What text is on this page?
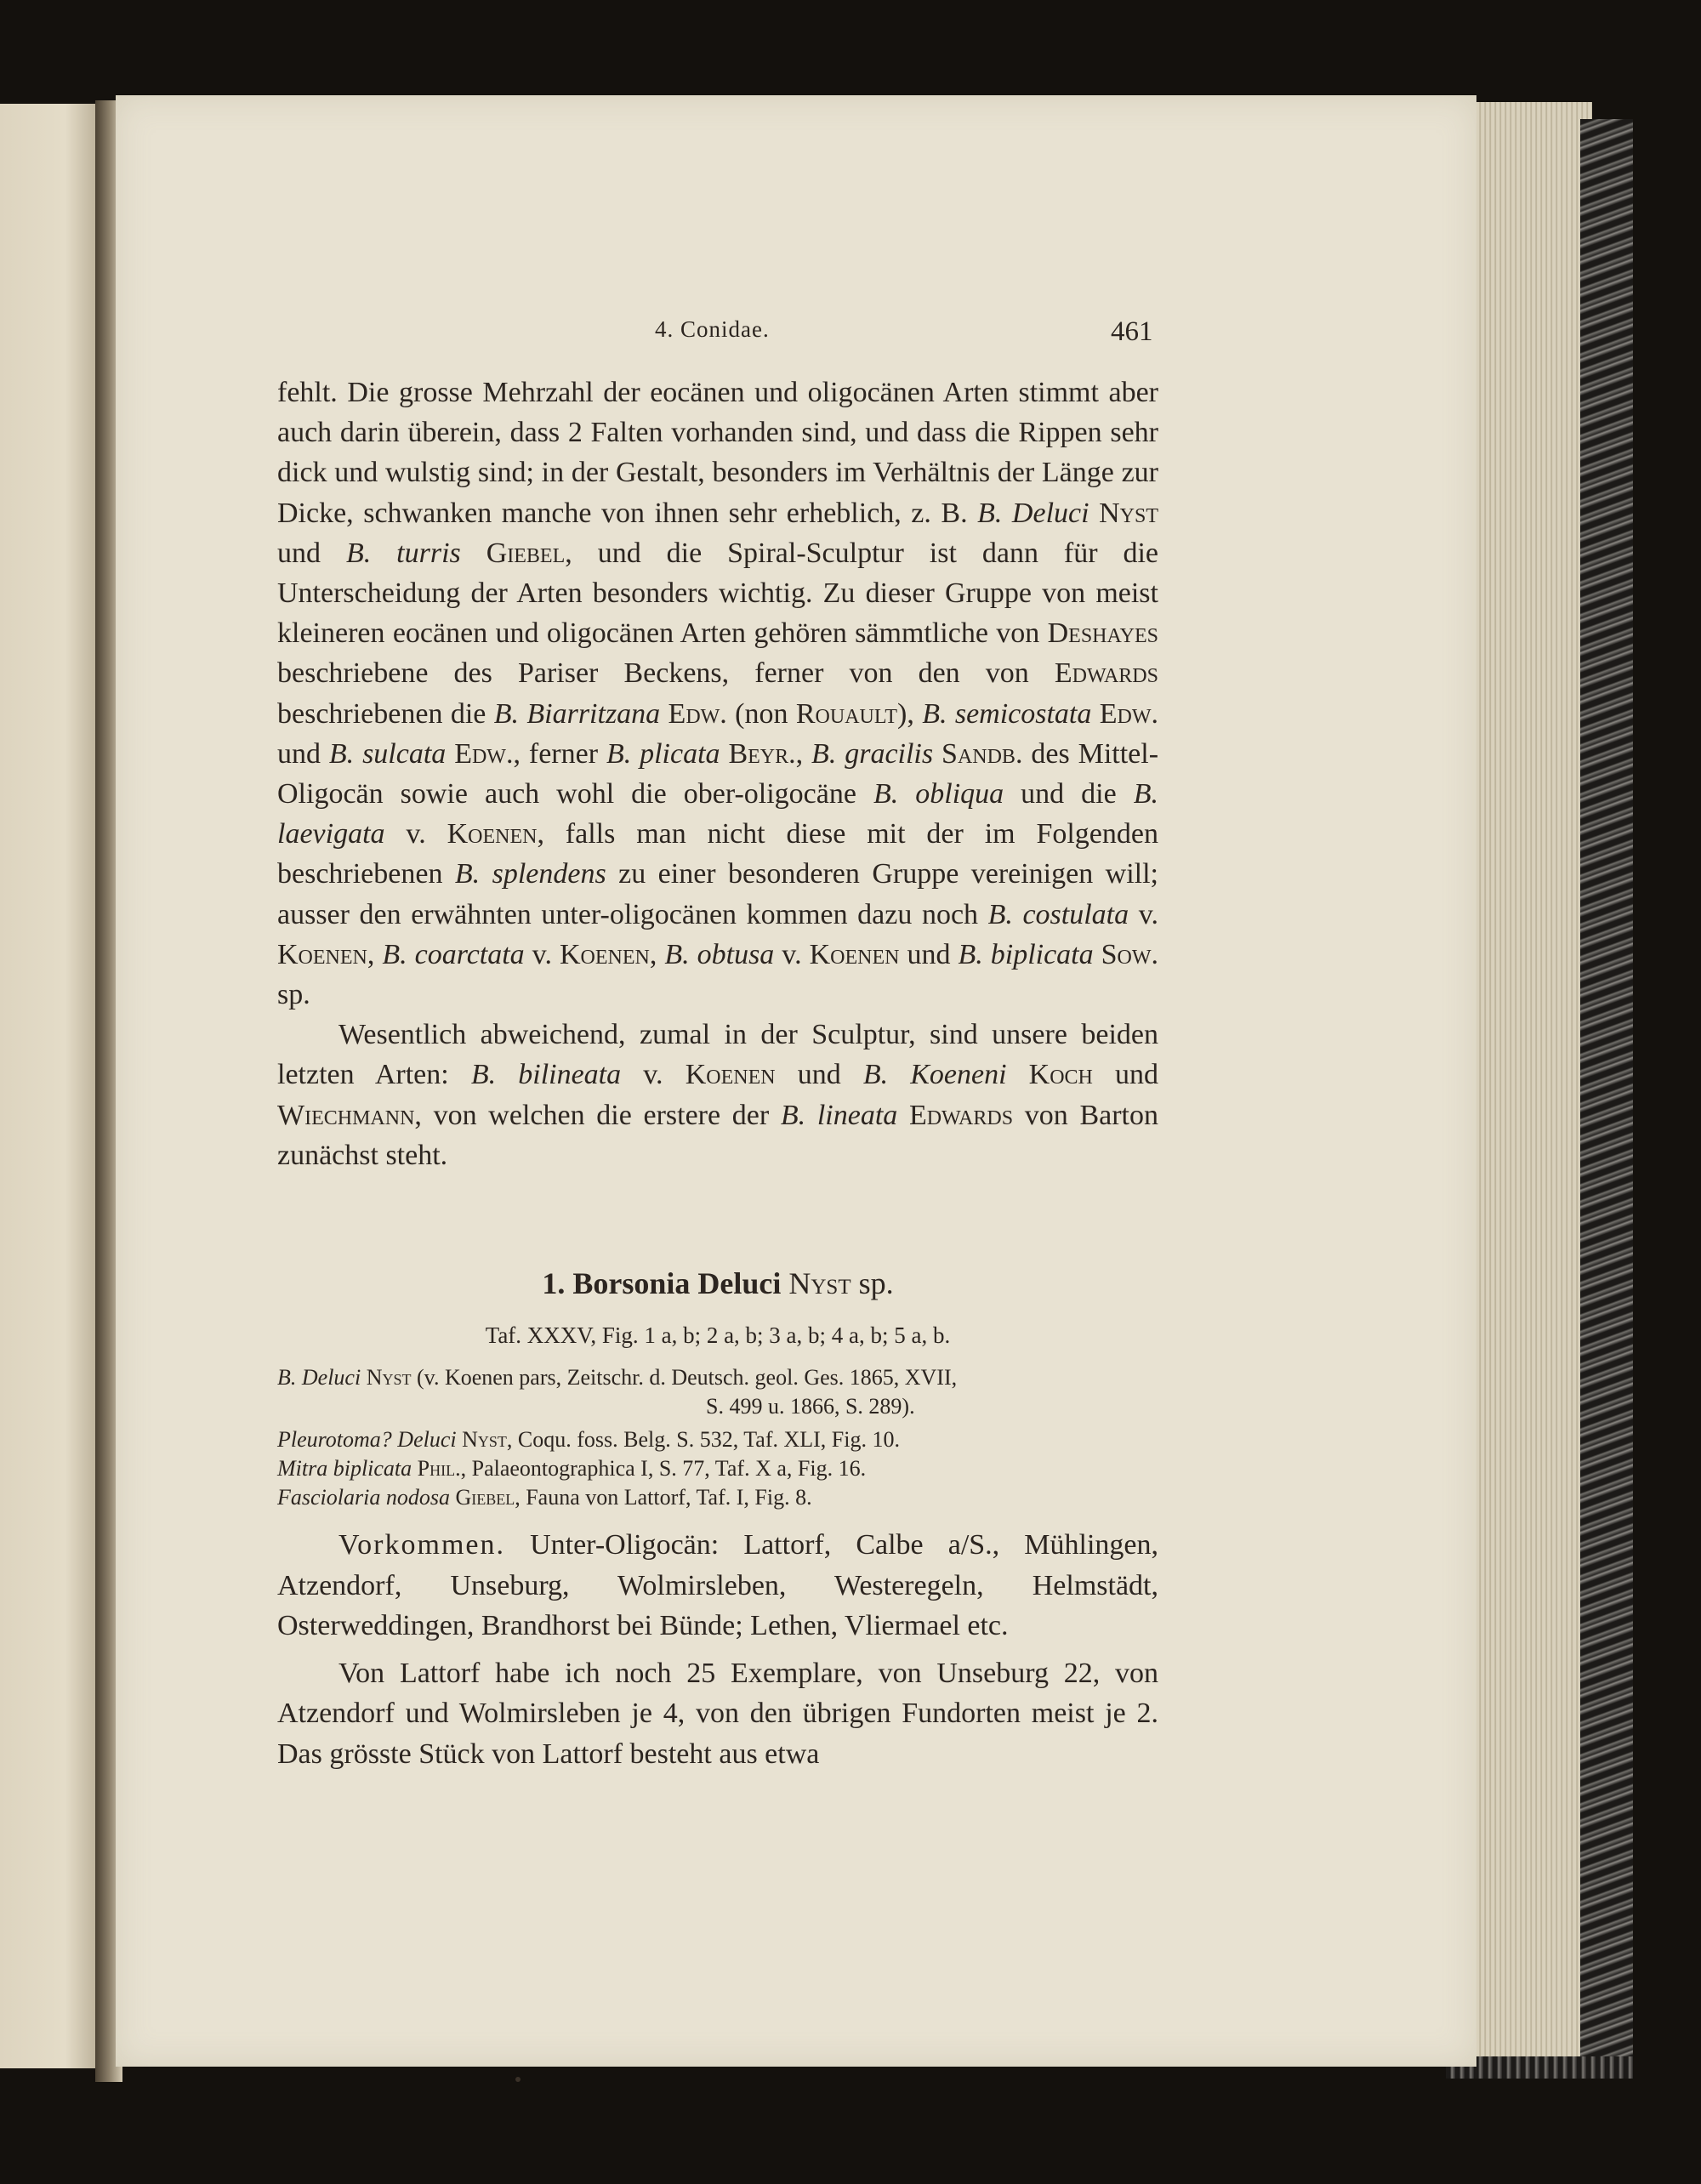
4. Conidae.	461

fehlt. Die grosse Mehrzahl der eocänen und oligocänen Arten stimmt aber auch darin überein, dass 2 Falten vorhanden sind, und dass die Rippen sehr dick und wulstig sind; in der Gestalt, besonders im Verhältnis der Länge zur Dicke, schwanken manche von ihnen sehr erheblich, z. B. B. Deluci Nyst und B. turris Giebel, und die Spiral-Sculptur ist dann für die Unterscheidung der Arten besonders wichtig. Zu dieser Gruppe von meist kleineren eocänen und oligocänen Arten gehören sämmtliche von Deshayes beschriebene des Pariser Beckens, ferner von den von Edwards beschriebenen die B. Biarritzana Edw. (non Rouault), B. semicostata Edw. und B. sulcata Edw., ferner B. plicata Beyr., B. gracilis Sandb. des Mittel-Oligocän sowie auch wohl die ober-oligocäne B. obliqua und die B. laevigata v. Koenen, falls man nicht diese mit der im Folgenden beschriebenen B. splendens zu einer besonderen Gruppe vereinigen will; ausser den erwähnten unter-oligocänen kommen dazu noch B. costulata v. Koenen, B. coarctata v. Koenen, B. obtusa v. Koenen und B. biplicata Sow. sp.

Wesentlich abweichend, zumal in der Sculptur, sind unsere beiden letzten Arten: B. bilineata v. Koenen und B. Koeneni Koch und Wiechmann, von welchen die erstere der B. lineata Edwards von Barton zunächst steht.

1. Borsonia Deluci Nyst sp.
Taf. XXXV, Fig. 1 a, b; 2 a, b; 3 a, b; 4 a, b; 5 a, b.
B. Deluci Nyst (v. Koenen pars, Zeitschr. d. Deutsch. geol. Ges. 1865, XVII,
S. 499 u. 1866, S. 289).
Pleurotoma? Deluci Nyst, Coqu. foss. Belg. S. 532, Taf. XLI, Fig. 10.
Mitra biplicata Phil., Palaeontographica I, S. 77, Taf. X a, Fig. 16.
Fasciolaria nodosa Giebel, Fauna von Lattorf, Taf. I, Fig. 8.

Vorkommen. Unter-Oligocän: Lattorf, Calbe a/S., Mühlingen, Atzendorf, Unseburg, Wolmirsleben, Westeregeln, Helmstädt, Osterweddingen, Brandhorst bei Bünde; Lethen, Vliermael etc.

Von Lattorf habe ich noch 25 Exemplare, von Unseburg 22, von Atzendorf und Wolmirsleben je 4, von den übrigen Fundorten meist je 2. Das grösste Stück von Lattorf besteht aus etwa
